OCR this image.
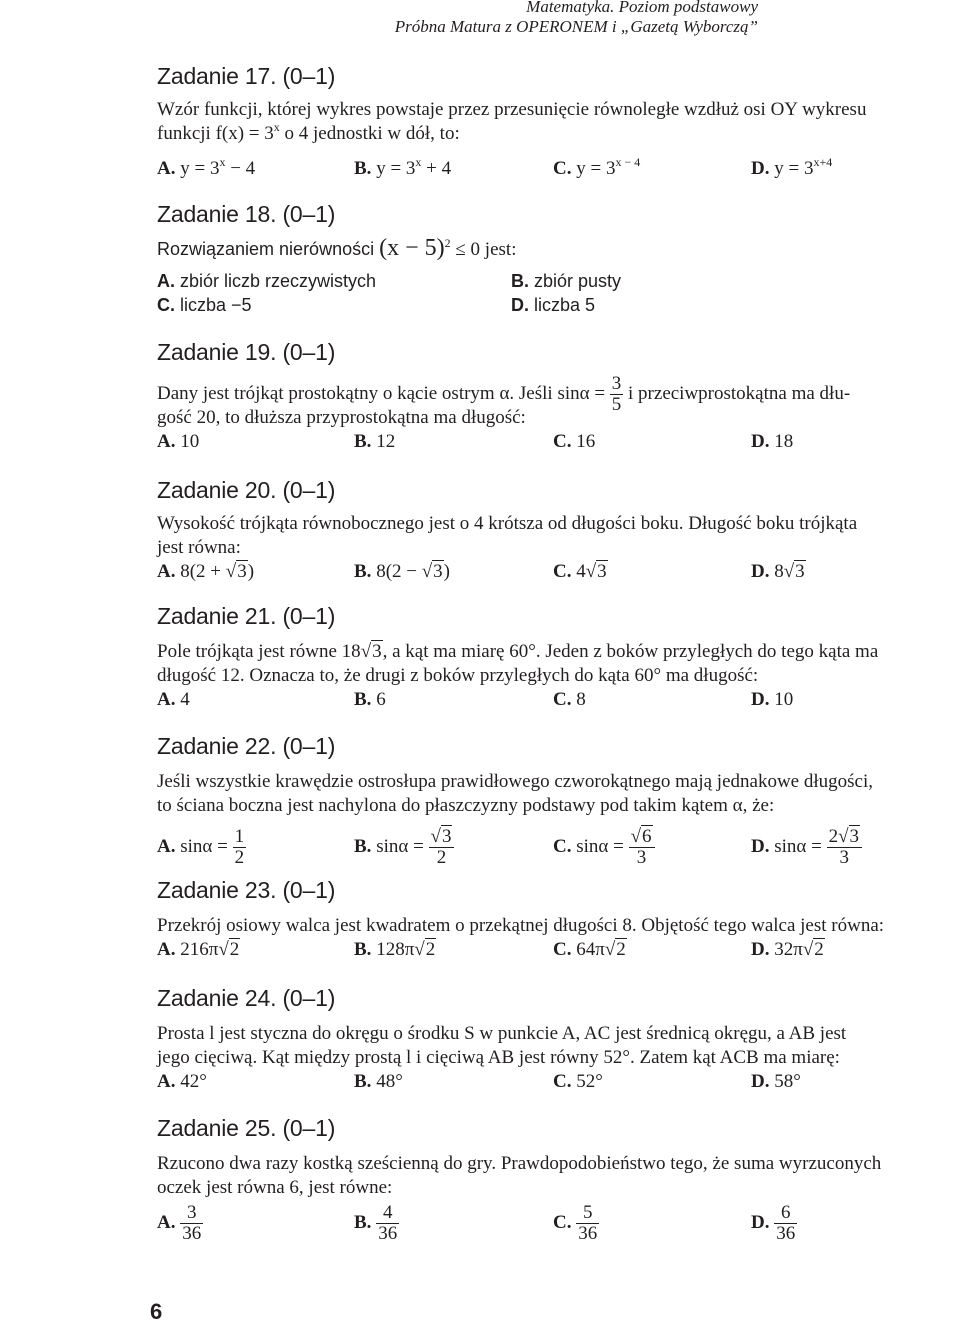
Matematyka. Poziom podstawowy
Próbna Matura z OPERONEM i „Gazetą Wyborczą”

Zadanie 17. (0–1)

Wzór funkcji, której wykres powstaje przez przesunięcie równoległe wzdłuż osi OY wykresu

funkcji $f(x) = 3^x$ o 4 jednostki w dół, to:

A. $y = 3^x - 4$	B. $y = 3^x + 4$	C. $y = 3^{x - 4}$	D. $y = 3^{x+4}$

Zadanie 18. (0–1)

Rozwiązaniem nierówności $(x - 5)^2 \le 0$ jest:

A. zbiór liczb rzeczywistych	B. zbiór pusty
C. liczba −5	D. liczba 5

Zadanie 19. (0–1)

Dany jest trójkąt prostokątny o kącie ostrym α. Jeśli $\sin\alpha = \frac{3}{5}$ i przeciwprostokątna ma dłu-

gość 20, to dłuższa przyprostokątna ma długość:

A. 10	B. 12	C. 16	D. 18

Zadanie 20. (0–1)

Wysokość trójkąta równobocznego jest o 4 krótsza od długości boku. Długość boku trójkąta

jest równa:

A. 8(2 + √3)	B. 8(2 − √3)	C. 4√3	D. 8√3

Zadanie 21. (0–1)

Pole trójkąta jest równe 18√3, a kąt ma miarę 60°. Jeden z boków przyległych do tego kąta ma

długość 12. Oznacza to, że drugi z boków przyległych do kąta 60° ma długość:

A. 4	B. 6	C. 8	D. 10

Zadanie 22. (0–1)

Jeśli wszystkie krawędzie ostrosłupa prawidłowego czworokątnego mają jednakowe długości,

to ściana boczna jest nachylona do płaszczyzny podstawy pod takim kątem α, że:

A. $\sin\alpha = \frac{1}{2}$	B. $\sin\alpha = \frac{√3}{2}$	C. $\sin\alpha = \frac{√6}{3}$	D. $\sin\alpha = \frac{2√3}{3}$

Zadanie 23. (0–1)

Przekrój osiowy walca jest kwadratem o przekątnej długości 8. Objętość tego walca jest równa:

A. 216π√2	B. 128π√2	C. 64π√2	D. 32π√2

Zadanie 24. (0–1)

Prosta l jest styczna do okręgu o środku S w punkcie A, AC jest średnicą okręgu, a AB jest

jego cięciwą. Kąt między prostą l i cięciwą AB jest równy 52°. Zatem kąt ACB ma miarę:

A. 42°	B. 48°	C. 52°	D. 58°

Zadanie 25. (0–1)

Rzucono dwa razy kostką sześcienną do gry. Prawdopodobieństwo tego, że suma wyrzuconych

oczek jest równa 6, jest równe:

A. $\frac{3}{36}$	B. $\frac{4}{36}$	C. $\frac{5}{36}$	D. $\frac{6}{36}$
6
